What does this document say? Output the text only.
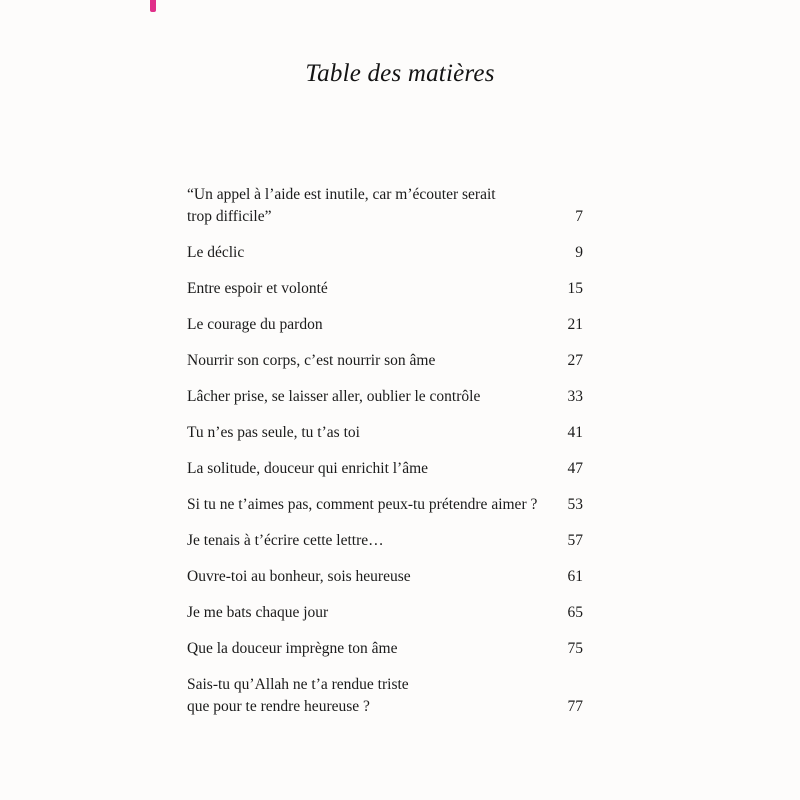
Table des matières
“Un appel à l’aide est inutile, car m’écouter serait
trop difficile”	7
Le déclic	9
Entre espoir et volonté	15
Le courage du pardon	21
Nourrir son corps, c’est nourrir son âme	27
Lâcher prise, se laisser aller, oublier le contrôle	33
Tu n’es pas seule, tu t’as toi	41
La solitude, douceur qui enrichit l’âme	47
Si tu ne t’aimes pas, comment peux-tu prétendre aimer ?	53
Je tenais à t’écrire cette lettre…	57
Ouvre-toi au bonheur, sois heureuse	61
Je me bats chaque jour	65
Que la douceur imprègne ton âme	75
Sais-tu qu’Allah ne t’a rendue triste
que pour te rendre heureuse ?	77
